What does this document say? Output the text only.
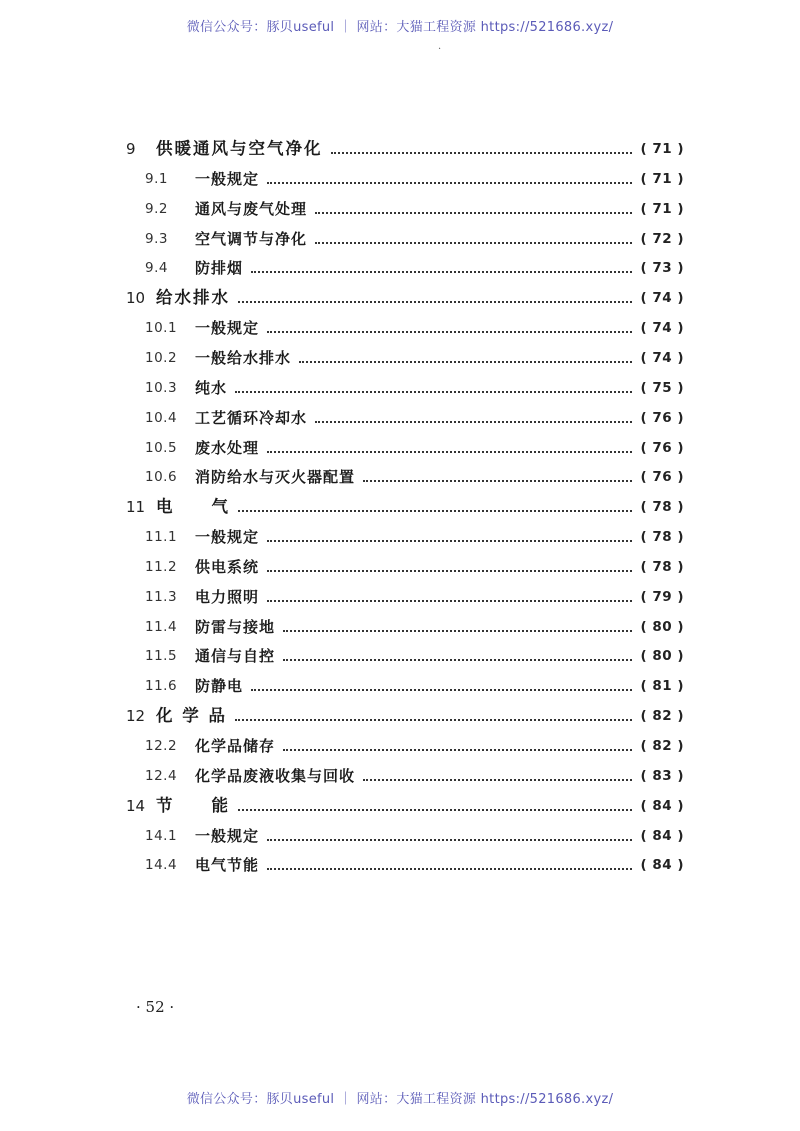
微信公众号：豚贝useful ｜ 网站：大猫工程资源 https://521686.xyz/
·
9	供暖通风与空气净化	( 71 )
9.1	一般规定	( 71 )
9.2	通风与废气处理	( 71 )
9.3	空气调节与净化	( 72 )
9.4	防排烟	( 73 )
10 给水排水	( 74 )
10.1	一般规定	( 74 )
10.2	一般给水排水	( 74 )
10.3	纯水	( 75 )
10.4	工艺循环冷却水	( 76 )
10.5	废水处理	( 76 )
10.6	消防给水与灭火器配置	( 76 )
11 电　　气	( 78 )
11.1	一般规定	( 78 )
11.2	供电系统	( 78 )
11.3	电力照明	( 79 )
11.4	防雷与接地	( 80 )
11.5	通信与自控	( 80 )
11.6	防静电	( 81 )
12 化 学 品	( 82 )
12.2	化学品储存	( 82 )
12.4	化学品废液收集与回收	( 83 )
14 节　　能	( 84 )
14.1	一般规定	( 84 )
14.4	电气节能	( 84 )
· 52 ·
微信公众号：豚贝useful ｜ 网站：大猫工程资源 https://521686.xyz/
